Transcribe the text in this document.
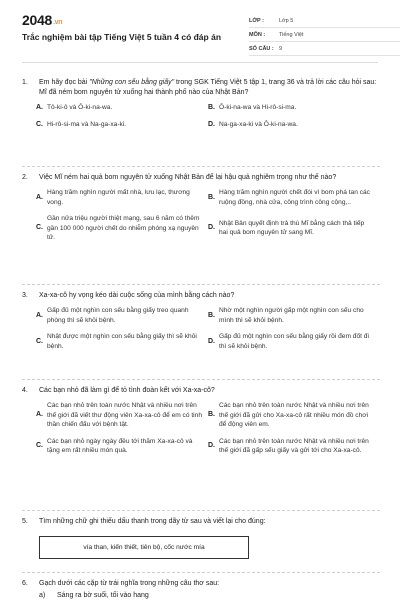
2048.vn
Trắc nghiệm bài tập Tiếng Việt 5 tuần 4 có đáp án
LỚP :	Lớp 5
MÔN :	Tiếng Việt
SỐ CÂU : 9
1.	Em hãy đọc bài "Những con sếu bằng giấy" trong SGK Tiếng Việt 5 tập 1, trang 36 và trả lời các câu hỏi sau:
Mĩ đã ném bom nguyên tử xuống hai thành phố nào của Nhật Bản?
A. Tô-ki-ô và Ô-ki-na-wa.	B. Ô-ki-na-wa và Hi-rô-si-ma.
C. Hi-rô-si-ma và Na-ga-xa-ki.	D. Na-ga-xa-ki và Ô-ki-na-wa.
2.	Việc Mĩ ném hai quả bom nguyên tử xuống Nhật Bản để lại hậu quả nghiêm trọng như thế nào?
A.
Hàng trăm nghìn người mất nhà, lưu lạc, thương vong.
B.
Hàng trăm nghìn người chết đói vì bom phá tan các ruộng đồng, nhà cửa, công trình công cộng,..
C.
Gần nửa triệu người thiệt mạng, sau 6 năm có thêm gần 100 000 người chết do nhiễm phóng xạ nguyên tử.
D.
Nhật Bản quyết định trả thù Mĩ bằng cách thả tiếp hai quả bom nguyên tử sang Mĩ.
3.	Xa-xa-cô hy vọng kéo dài cuộc sống của mình bằng cách nào?
A.
Gấp đủ một nghìn con sếu bằng giấy treo quanh phòng thì sẽ khỏi bệnh.
B.
Nhờ một nghìn người gấp một nghìn con sếu cho mình thì sẽ khỏi bệnh.
C.
Nhật được một nghìn con sếu bằng giấy thì sẽ khỏi bệnh.
D.
Gấp đủ một nghìn con sếu bằng giấy rồi đem đốt đi thì sẽ khỏi bệnh.
4.	Các bạn nhỏ đã làm gì để tỏ tình đoàn kết với Xa-xa-cô?
A.
Các bạn nhỏ trên toàn nước Nhật và nhiều nơi trên thế giới đã viết thư động viên Xa-xa-cô để em có tinh thần chiến đấu với bệnh tật.
B.
Các bạn nhỏ trên toàn nước Nhật và nhiều nơi trên thế giới đã gửi cho Xa-xa-cô rất nhiều món đồ chơi để động viên em.
C.
Các bạn nhỏ ngày ngày đều tới thăm Xa-xa-cô và tặng em rất nhiều món quà.
D.
Các bạn nhỏ trên toàn nước Nhật và nhiều nơi trên thế giới đã gấp sếu giấy và gửi tới cho Xa-xa-cô.
5.	Tìm những chữ ghi thiếu dấu thanh trong dãy từ sau và viết lại cho đúng:
vía than, kiến thiết, tiên bộ, cốc nước mía
6.	Gạch dưới các cặp từ trái nghĩa trong những câu thơ sau:
a)	Sáng ra bờ suối, tối vào hang
